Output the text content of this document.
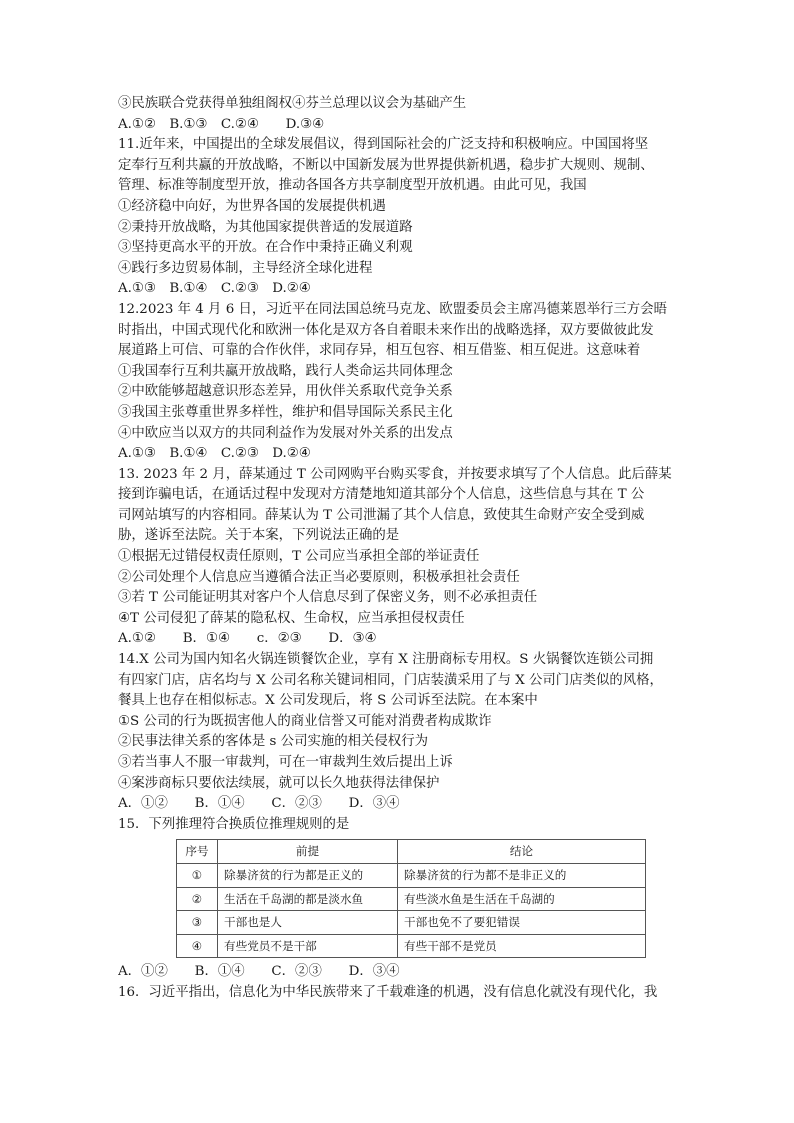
③民族联合党获得单独组阁权④芬兰总理以议会为基础产生
A.①②　B.①③　C.②④　　D.③④
11.近年来，中国提出的全球发展倡议，得到国际社会的广泛支持和积极响应。中国国将坚
定奉行互利共赢的开放战略，不断以中国新发展为世界提供新机遇，稳步扩大规则、规制、
管理、标准等制度型开放，推动各国各方共享制度型开放机遇。由此可见，我国
①经济稳中向好，为世界各国的发展提供机遇
②秉持开放战略，为其他国家提供普适的发展道路
③坚持更高水平的开放。在合作中秉持正确义利观
④践行多边贸易体制，主导经济全球化进程
A.①③　B.①④　C.②③　D.②④
12.2023 年 4 月 6 日，习近平在同法国总统马克龙、欧盟委员会主席冯德莱恩举行三方会晤
时指出，中国式现代化和欧洲一体化是双方各自着眼未来作出的战略选择，双方要做彼此发
展道路上可信、可靠的合作伙伴，求同存异，相互包容、相互借鉴、相互促进。这意味着
①我国奉行互利共赢开放战略，践行人类命运共同体理念
②中欧能够超越意识形态差异，用伙伴关系取代竞争关系
③我国主张尊重世界多样性，维护和倡导国际关系民主化
④中欧应当以双方的共同利益作为发展对外关系的出发点
A.①③　B.①④　C.②③　D.②④
13. 2023 年 2 月，薛某通过 T 公司网购平台购买零食，并按要求填写了个人信息。此后薛某
接到诈骗电话，在通话过程中发现对方清楚地知道其部分个人信息，这些信息与其在 T 公
司网站填写的内容相同。薛某认为 T 公司泄漏了其个人信息，致使其生命财产安全受到威
胁，遂诉至法院。关于本案，下列说法正确的是
①根据无过错侵权责任原则，T 公司应当承担全部的举证责任
②公司处理个人信息应当遵循合法正当必要原则，积极承担社会责任
③若 T 公司能证明其对客户个人信息尽到了保密义务，则不必承担责任
④T 公司侵犯了薛某的隐私权、生命权，应当承担侵权责任
A.①②　　B．①④　　c．②③　　D．③④
14.X 公司为国内知名火锅连锁餐饮企业，享有 X 注册商标专用权。S 火锅餐饮连锁公司拥
有四家门店，店名均与 X 公司名称关键词相同，门店装潢采用了与 X 公司门店类似的风格，
餐具上也存在相似标志。X 公司发现后，将 S 公司诉至法院。在本案中
①S 公司的行为既损害他人的商业信誉又可能对消费者构成欺诈
②民事法律关系的客体是 s 公司实施的相关侵权行为
③若当事人不服一审裁判，可在一审裁判生效后提出上诉
④案涉商标只要依法续展，就可以长久地获得法律保护
A．①②　　B．①④　　C．②③　　D．③④
15．下列推理符合换质位推理规则的是
序号	前提	结论
①	除暴济贫的行为都是正义的	除暴济贫的行为都不是非正义的
②	生活在千岛湖的都是淡水鱼	有些淡水鱼是生活在千岛湖的
③	干部也是人	干部也免不了要犯错误
④	有些党员不是干部	有些干部不是党员
A．①②　　B．①④　　C．②③　　D．③④
16．习近平指出，信息化为中华民族带来了千载难逢的机遇，没有信息化就没有现代化，我
